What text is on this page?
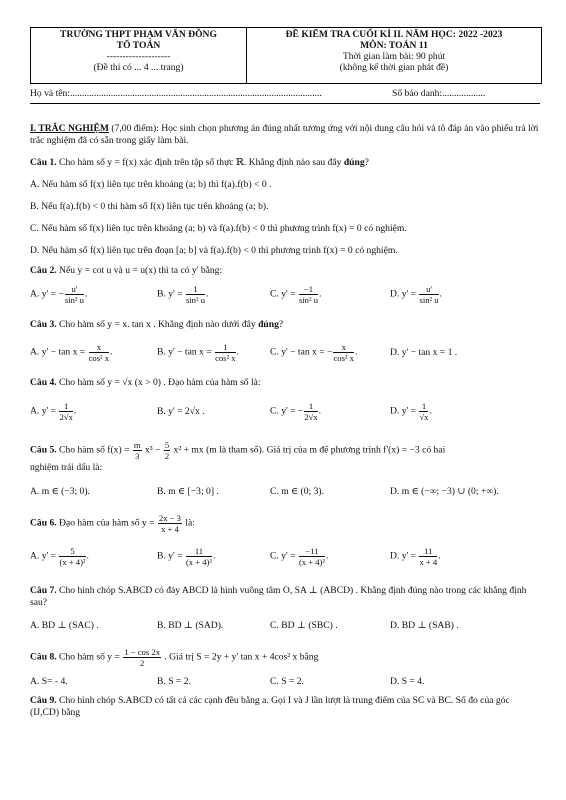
TRƯỜNG THPT PHẠM VĂN ĐỒNG
TỔ TOÁN
--------------------
(Đề thi có ... 4 ... trang)
ĐỀ KIỂM TRA CUỐI KÌ II. NĂM HỌC: 2022 -2023
MÔN: TOÁN 11
Thời gian làm bài: 90 phút
(không kể thời gian phát đề)
Họ và tên:.........................................................................................................	Số báo danh:..................
I. TRẮC NGHIỆM (7,00 điểm): Học sinh chọn phương án đúng nhất tương ứng với nội dung câu hỏi và tô đáp án vào phiếu trả lời trắc nghiệm đã có sẵn trong giấy làm bài.
Câu 1. Cho hàm số y = f(x) xác định trên tập số thực ℝ. Khẳng định nào sau đây đúng?
A. Nếu hàm số f(x) liên tục trên khoảng (a; b) thì f(a).f(b) < 0 .
B. Nếu f(a).f(b) < 0 thì hàm số f(x) liên tục trên khoảng (a; b).
C. Nếu hàm số f(x) liên tục trên khoảng (a; b) và f(a).f(b) < 0 thì phương trình f(x) = 0 có nghiệm.
D. Nếu hàm số f(x) liên tục trên đoạn [a; b] và f(a).f(b) < 0 thì phương trình f(x) = 0 có nghiệm.
Câu 2. Nếu y = cot u và u = u(x) thì ta có y' bằng:
A. y' = − $\frac{u'}{\text{sin² u}}$ .	B. $y' = \frac{1}{\text{sin² u}}$ .	C. $y' = \frac{-1}{\text{sin² u}}$ .	D. $y' = \frac{u'}{\text{sin² u}}$ .
Câu 3. Cho hàm số y = x. tan x . Khẳng định nào dưới đây đúng?
A. $y' - \tan x = \frac{x}{\text{cos² x}}$ .	B. $y' - \tan x = \frac{1}{\text{cos² x}}$ .	C. y' − tan x = − $\frac{x}{\text{cos² x}}$ .	D. y' − tan x = 1 .
Câu 4. Cho hàm số y = √x (x > 0) . Đạo hàm của hàm số là:
A. $y' = \frac{1}{2√x}$ .	B. y' = 2√x .	C. y' = − $\frac{1}{2√x}$ .	D. $y' = \frac{1}{√x}$ .
Câu 5. Cho hàm số $f(x) = \frac{m}{3} x^3 - \frac{5}{2} x^2$ + mx (m là tham số). Giá trị của m để phương trình f'(x) = −3 có hai
nghiệm trái dấu là:
A. m ∈ (−3; 0).	B. m ∈ [−3; 0] .	C. m ∈ (0; 3).	D. m ∈ (−∞; −3) ∪ (0; +∞).
Câu 6. Đạo hàm của hàm số $y = \frac{2x - 3}{x + 4}$ là:
A. $y' = \frac{5}{\text{(x + 4)²}}$ .	B. $y' = \frac{11}{\text{(x + 4)²}}$ .	C. $y' = \frac{-11}{\text{(x + 4)²}}$ .	D. $y' = \frac{11}{x + 4}$ .
Câu 7. Cho hình chóp S.ABCD có đáy ABCD là hình vuông tâm O, SA ⊥ (ABCD) . Khẳng định đúng nào trong các khẳng định sau?
A. BD ⊥ (SAC) .	B. BD ⊥ (SAD).	C. BD ⊥ (SBC) .	D. BD ⊥ (SAB) .
Câu 8. Cho hàm số $y = \frac{1 - \cos 2x}{2}$ . Giá trị S = 2y + y' tan x + 4cos² x bằng
A. S= - 4.	B. S = 2.	C. S = 2.	D. S = 4.
Câu 9. Cho hình chóp S.ABCD có tất cả các cạnh đều bằng a. Gọi I và J lần lượt là trung điểm của SC và BC. Số đo của góc (IJ,CD) bằng
